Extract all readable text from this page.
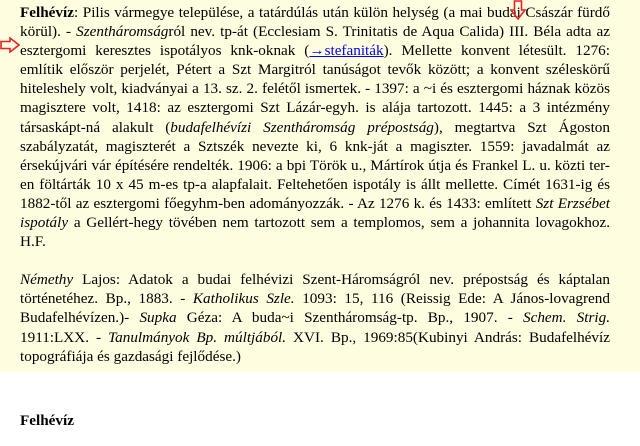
Felhévíz: Pilis vármegye települése, a tatárdúlás után külön helység (a mai budai Császár fürdő körül). - Szentháromságról nev. tp-át (Ecclesiam S. Trinitatis de Aqua Calida) III. Béla adta az esztergomi keresztes ispotályos knk-oknak (→stefaniták). Mellette konvent létesült. 1276: említik először perjelét, Pétert a Szt Margitról tanúságot tevők között; a konvent széleskörű hiteleshely volt, kiadványai a 13. sz. 2. felétől ismertek. - 1397: a ~i és esztergomi háznak közös magisztere volt, 1418: az esztergomi Szt Lázár-egyh. is alája tartozott. 1445: a 3 intézmény társaskápt-ná alakult (budafelhévízi Szentháromság prépostság), megtartva Szt Ágoston szabályzatát, magiszterét a Sztszék nevezte ki, 6 knk-ját a magiszter. 1559: javadalmát az érsekújvári vár építésére rendelték. 1906: a bpi Török u., Mártírok útja és Frankel L. u. közti ter-en föltárták 10 x 45 m-es tp-a alapfalait. Feltehetően ispotály is állt mellette. Címét 1631-ig és 1882-től az esztergomi főegyhm-ben adományozzák. - Az 1276 k. és 1433: említett Szt Erzsébet ispotály a Gellért-hegy tövében nem tartozott sem a templomos, sem a johannita lovagokhoz. H.F.
Némethy Lajos: Adatok a budai felhévizi Szent-Háromságról nev. prépostság és káptalan történetéhez. Bp., 1883. - Katholikus Szle. 1093: 15, 116 (Reissig Ede: A János-lovagrend Budafelhévízen.)- Supka Géza: A buda~i Szentháromság-tp. Bp., 1907. - Schem. Strig. 1911:LXX. - Tanulmányok Bp. múltjából. XVI. Bp., 1969:85(Kubinyi András: Budafelhévíz topográfiája és gazdasági fejlődése.)
Felhévíz
